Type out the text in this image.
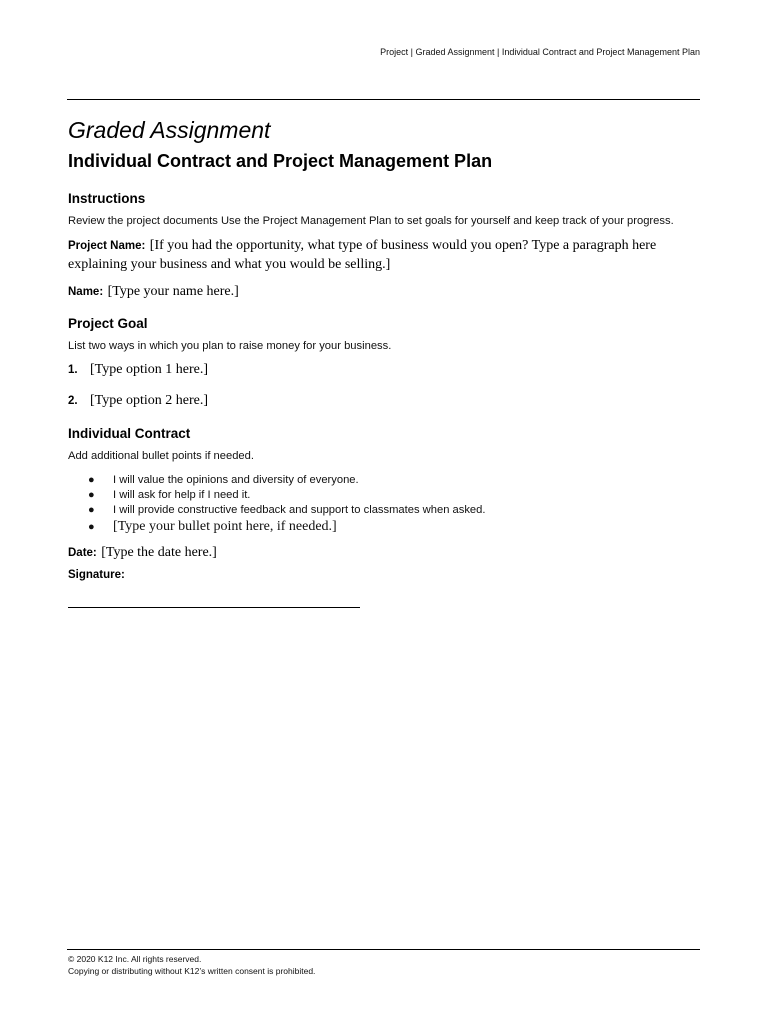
Project | Graded Assignment | Individual Contract and Project Management Plan
Graded Assignment
Individual Contract and Project Management Plan
Instructions
Review the project documents Use the Project Management Plan to set goals for yourself and keep track of your progress.
Project Name: [If you had the opportunity, what type of business would you open? Type a paragraph here explaining your business and what you would be selling.]
Name: [Type your name here.]
Project Goal
List two ways in which you plan to raise money for your business.
1. [Type option 1 here.]
2. [Type option 2 here.]
Individual Contract
Add additional bullet points if needed.
●	I will value the opinions and diversity of everyone.
●	I will ask for help if I need it.
●	I will provide constructive feedback and support to classmates when asked.
●	[Type your bullet point here, if needed.]
Date: [Type the date here.]
Signature:
© 2020 K12 Inc. All rights reserved.
Copying or distributing without K12’s written consent is prohibited.
